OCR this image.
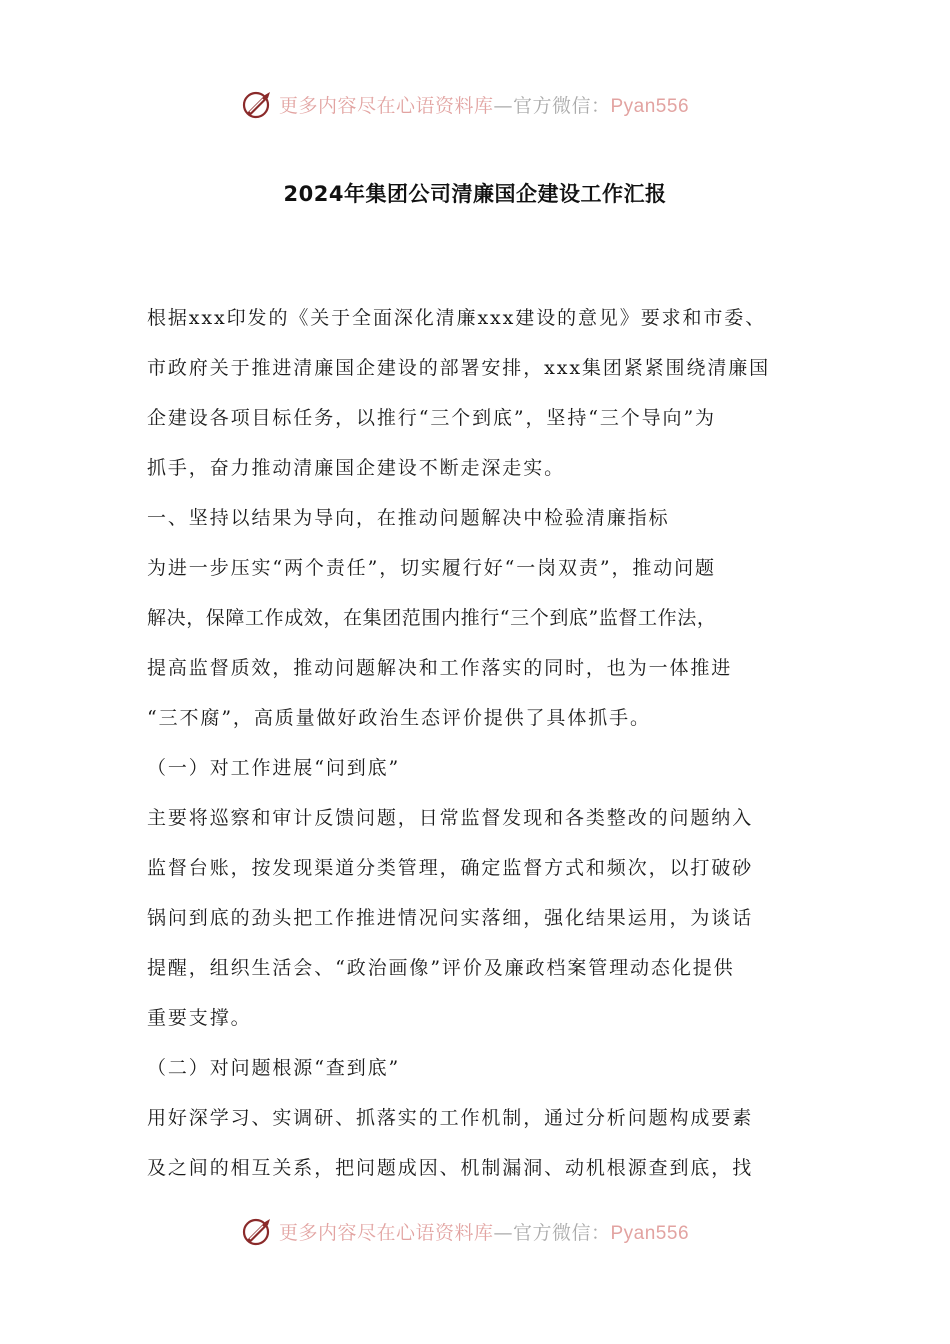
更多内容尽在心语资料库—官方微信：Pyan556
2024年集团公司清廉国企建设工作汇报
根据xxx印发的《关于全面深化清廉xxx建设的意见》要求和市委、
市政府关于推进清廉国企建设的部署安排，xxx集团紧紧围绕清廉国
企建设各项目标任务，以推行“三个到底”，坚持“三个导向”为
抓手，奋力推动清廉国企建设不断走深走实。
一、坚持以结果为导向，在推动问题解决中检验清廉指标
为进一步压实“两个责任”，切实履行好“一岗双责”，推动问题
解决，保障工作成效，在集团范围内推行“三个到底”监督工作法，
提高监督质效，推动问题解决和工作落实的同时，也为一体推进
“三不腐”，高质量做好政治生态评价提供了具体抓手。
（一）对工作进展“问到底”
主要将巡察和审计反馈问题，日常监督发现和各类整改的问题纳入
监督台账，按发现渠道分类管理，确定监督方式和频次，以打破砂
锅问到底的劲头把工作推进情况问实落细，强化结果运用，为谈话
提醒，组织生活会、“政治画像”评价及廉政档案管理动态化提供
重要支撑。
（二）对问题根源“查到底”
用好深学习、实调研、抓落实的工作机制，通过分析问题构成要素
及之间的相互关系，把问题成因、机制漏洞、动机根源查到底，找
更多内容尽在心语资料库—官方微信：Pyan556
